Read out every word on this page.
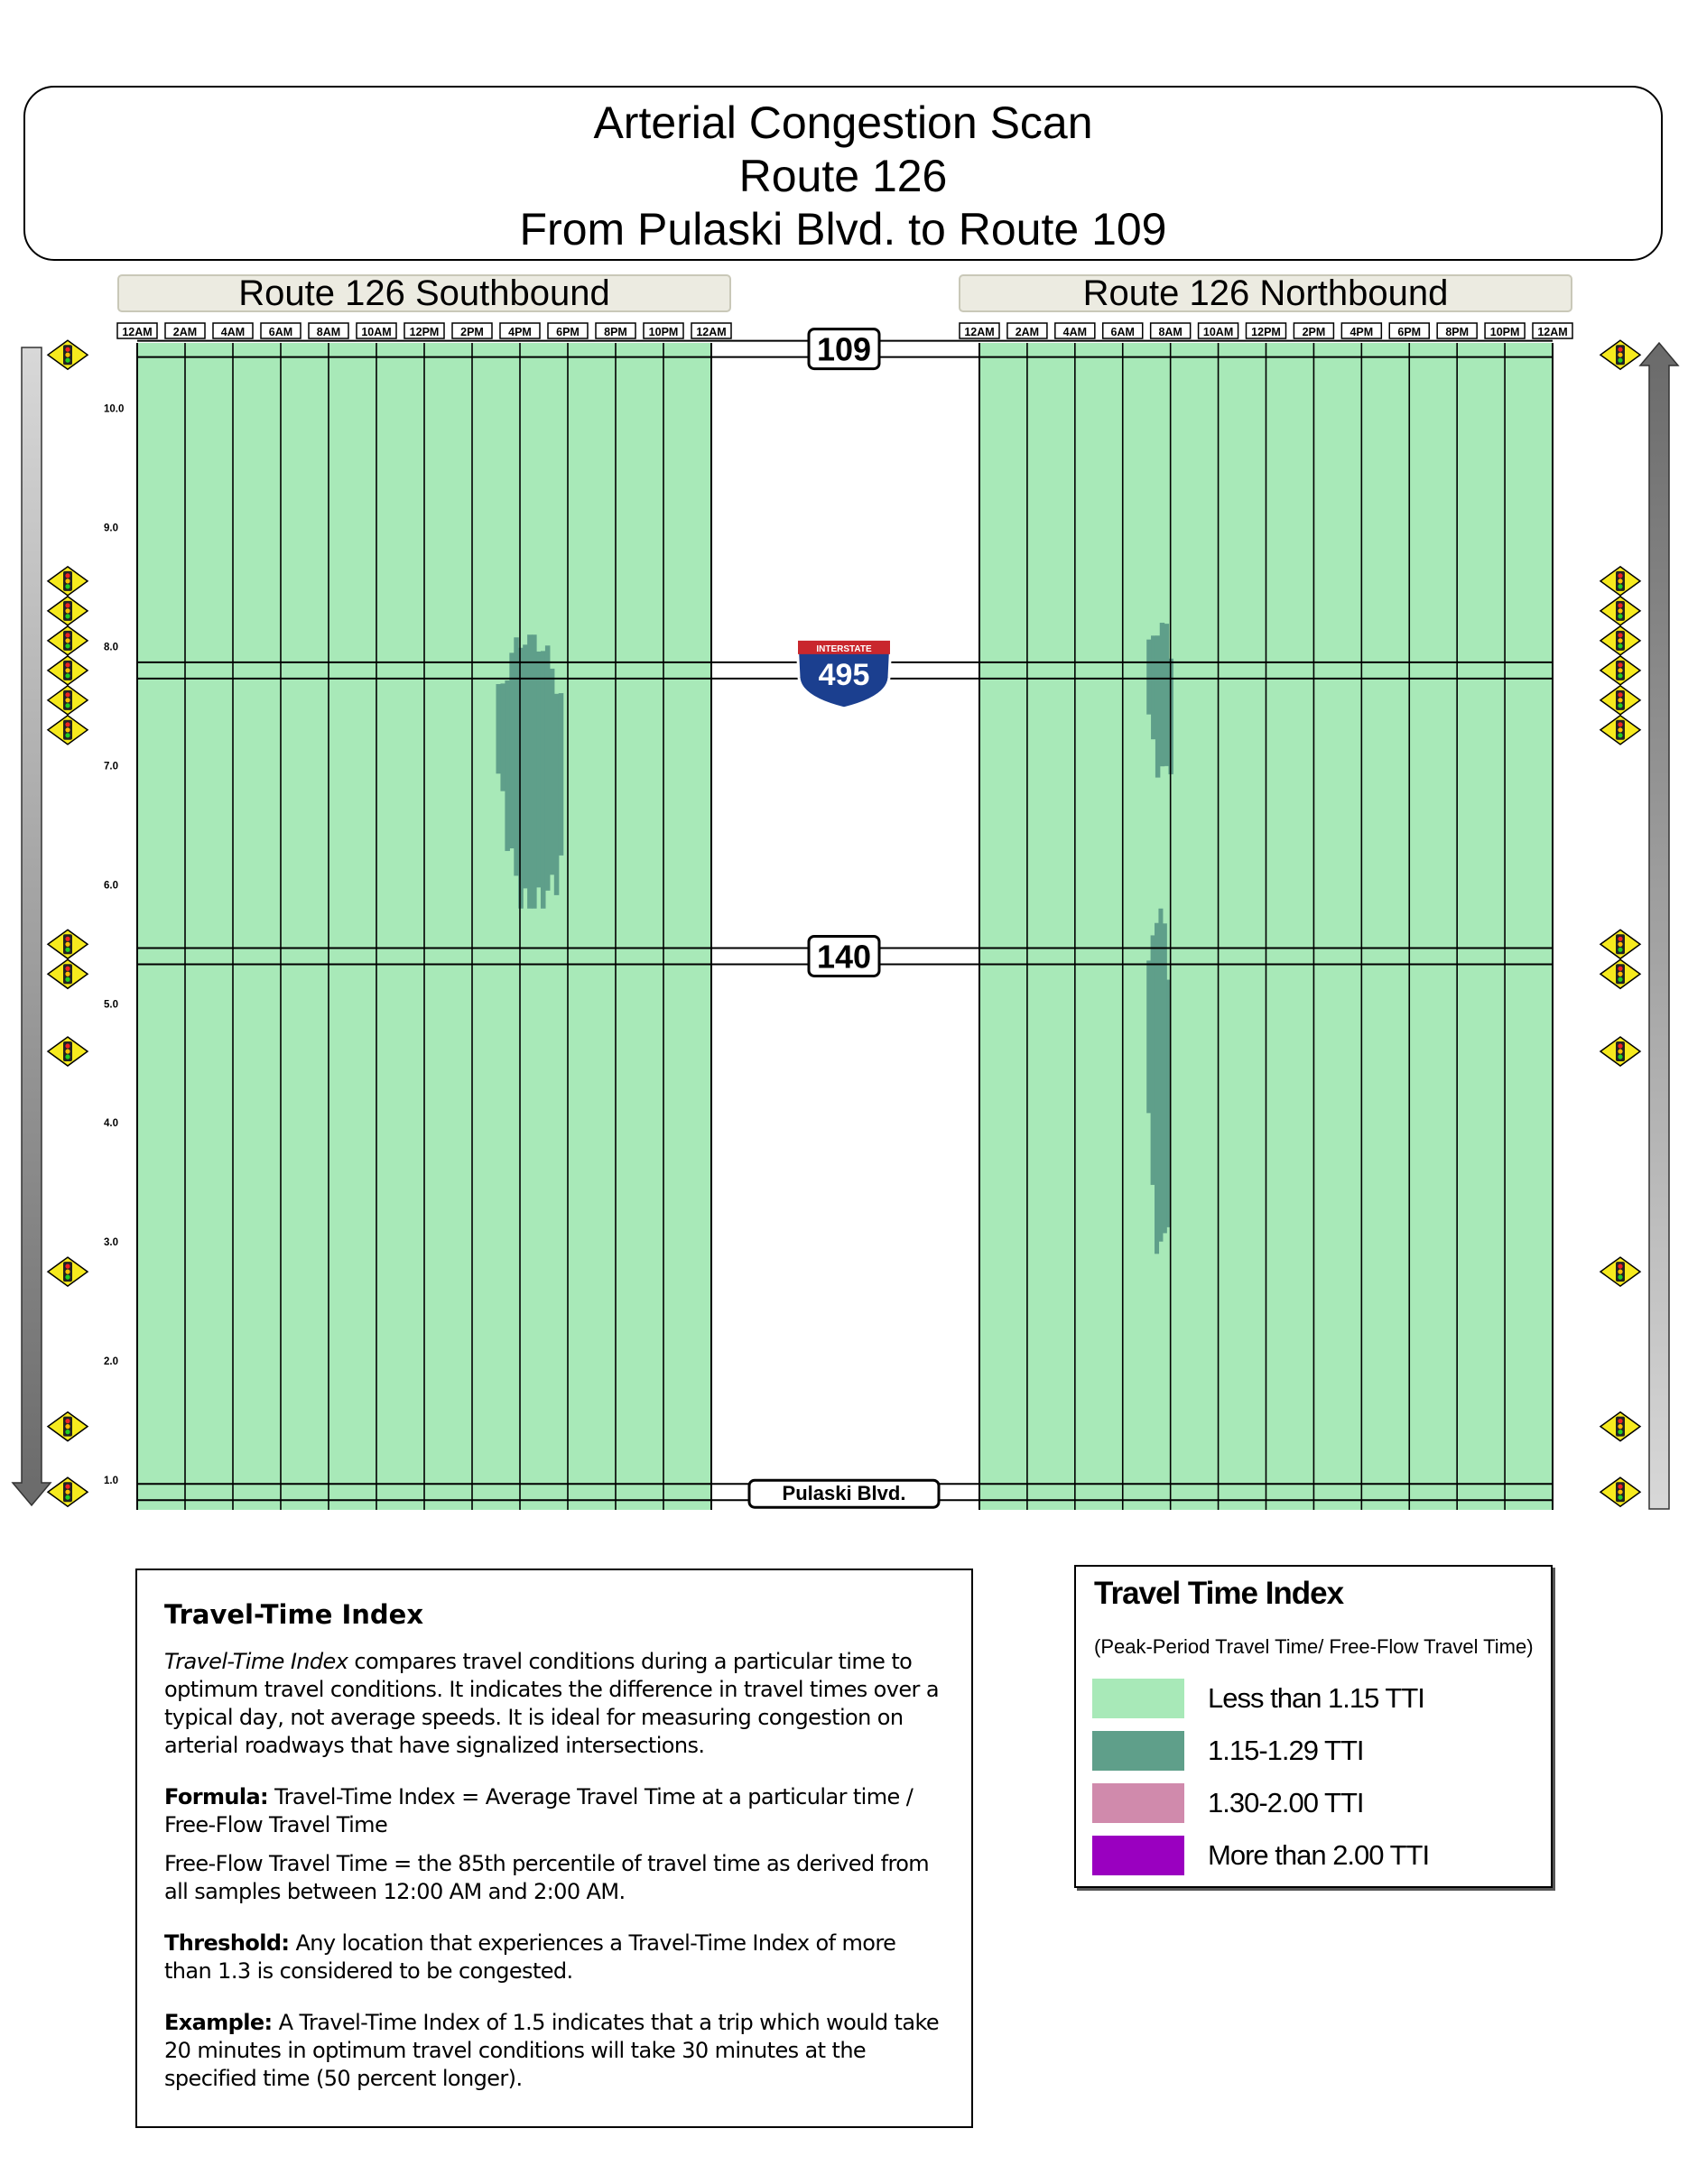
Arterial Congestion Scan
Route 126
From Pulaski Blvd. to Route 109
Route 126 Southbound	Route 126 Northbound
12AM 2AM 4AM 6AM 8AM 10AM 12PM 2PM 4PM 6PM 8PM 10PM 12AM	12AM 2AM 4AM 6AM 8AM 10AM 12PM 2PM 4PM 6PM 8PM 10PM 12AM
1.0
2.0
3.0
4.0
5.0
6.0
7.0
8.0
9.0
10.0
109
140
Pulaski Blvd.
INTERSTATE
495
Travel-Time Index

Travel-Time Index compares travel conditions during a particular time to optimum travel conditions. It indicates the difference in travel times over a typical day, not average speeds. It is ideal for measuring congestion on arterial roadways that have signalized intersections.

Formula: Travel-Time Index = Average Travel Time at a particular time / Free-Flow Travel Time

Free-Flow Travel Time = the 85th percentile of travel time as derived from all samples between 12:00 AM and 2:00 AM.

Threshold: Any location that experiences a Travel-Time Index of more than 1.3 is considered to be congested.

Example: A Travel-Time Index of 1.5 indicates that a trip which would take 20 minutes in optimum travel conditions will take 30 minutes at the specified time (50 percent longer).

Travel Time Index
(Peak-Period Travel Time/ Free-Flow Travel Time)
Less than 1.15 TTI
1.15-1.29 TTI
1.30-2.00 TTI
More than 2.00 TTI
